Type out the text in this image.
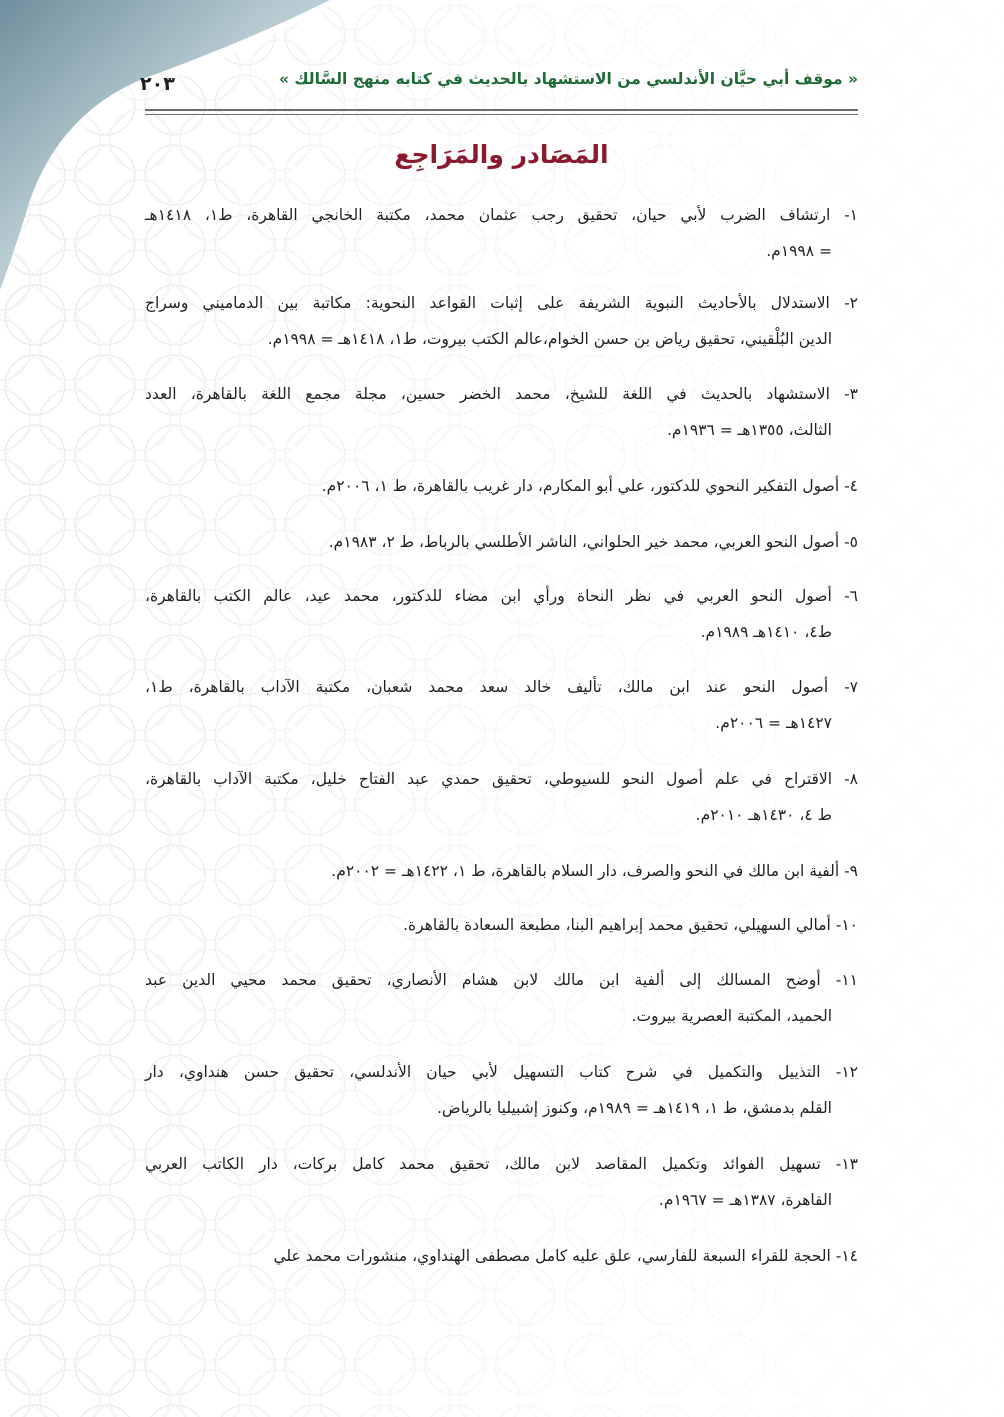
« موقف أبي حيَّان الأندلسي من الاستشهاد بالحديث في كتابه منهج السَّالك »
٢٠٣
المَصَادر والمَرَاجِع

١- ارتشاف الضرب لأبي حيان، تحقيق رجب عثمان محمد، مكتبة الخانجي القاهرة، ط١، ١٤١٨هـ
= ١٩٩٨م.

٢- الاستدلال بالأحاديث النبوية الشريفة على إثبات القواعد النحوية: مكاتبة بين الدماميني وسراج
الدين البُلْقيني، تحقيق رياض بن حسن الخوام،عالم الكتب بيروت، ط١، ١٤١٨هـ = ١٩٩٨م.

٣- الاستشهاد بالحديث في اللغة للشيخ، محمد الخضر حسين، مجلة مجمع اللغة بالقاهرة، العدد
الثالث، ١٣٥٥هـ = ١٩٣٦م.

٤- أصول التفكير النحوي للدكتور، علي أبو المكارم، دار غريب بالقاهرة، ط ١، ٢٠٠٦م.

٥- أصول النحو العربي، محمد خير الحلواني، الناشر الأطلسي بالرباط، ط ٢، ١٩٨٣م.

٦- أصول النحو العربي في نظر النحاة ورأي ابن مضاء للدكتور، محمد عيد، عالم الكتب بالقاهرة،
ط٤، ١٤١٠هـ ١٩٨٩م.

٧- أصول النحو عند ابن مالك، تأليف خالد سعد محمد شعبان، مكتبة الآداب بالقاهرة، ط١،
١٤٢٧هـ = ٢٠٠٦م.

٨- الاقتراح في علم أصول النحو للسيوطي، تحقيق حمدي عبد الفتاح خليل، مكتبة الآداب بالقاهرة،
ط ٤، ١٤٣٠هـ ٢٠١٠م.

٩- ألفية ابن مالك في النحو والصرف، دار السلام بالقاهرة، ط ١، ١٤٢٢هـ = ٢٠٠٢م.

١٠- أمالي السهيلي، تحقيق محمد إبراهيم البنا، مطبعة السعادة بالقاهرة.

١١- أوضح المسالك إلى ألفية ابن مالك لابن هشام الأنصاري، تحقيق محمد محيي الدين عبد
الحميد، المكتبة العصرية بيروت.

١٢- التذييل والتكميل في شرح كتاب التسهيل لأبي حيان الأندلسي، تحقيق حسن هنداوي، دار
القلم بدمشق، ط ١، ١٤١٩هـ = ١٩٨٩م، وكنوز إشبيليا بالرياض.

١٣- تسهيل الفوائد وتكميل المقاصد لابن مالك، تحقيق محمد كامل بركات، دار الكاتب العربي
القاهرة، ١٣٨٧هـ = ١٩٦٧م.

١٤- الحجة للقراء السبعة للفارسي، علق عليه كامل مصطفى الهنداوي، منشورات محمد علي
